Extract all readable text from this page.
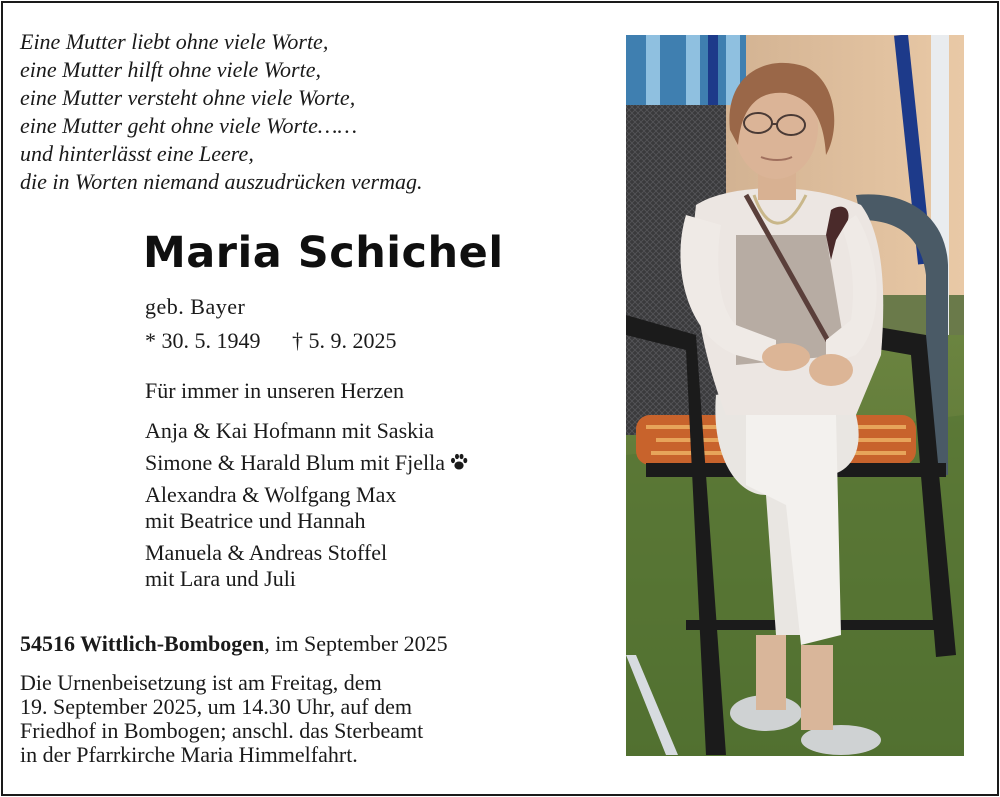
Eine Mutter liebt ohne viele Worte,
eine Mutter hilft ohne viele Worte,
eine Mutter versteht ohne viele Worte,
eine Mutter geht ohne viele Worte……
und hinterlässt eine Leere,
die in Worten niemand auszudrücken vermag.
Maria Schichel
geb. Bayer
* 30. 5. 1949 † 5. 9. 2025
Für immer in unseren Herzen
Anja & Kai Hofmann mit Saskia
Simone & Harald Blum mit Fjella
Alexandra & Wolfgang Max
mit Beatrice und Hannah
Manuela & Andreas Stoffel
mit Lara und Juli
54516 Wittlich-Bombogen, im September 2025
Die Urnenbeisetzung ist am Freitag, dem
19. September 2025, um 14.30 Uhr, auf dem
Friedhof in Bombogen; anschl. das Sterbeamt
in der Pfarrkirche Maria Himmelfahrt.
